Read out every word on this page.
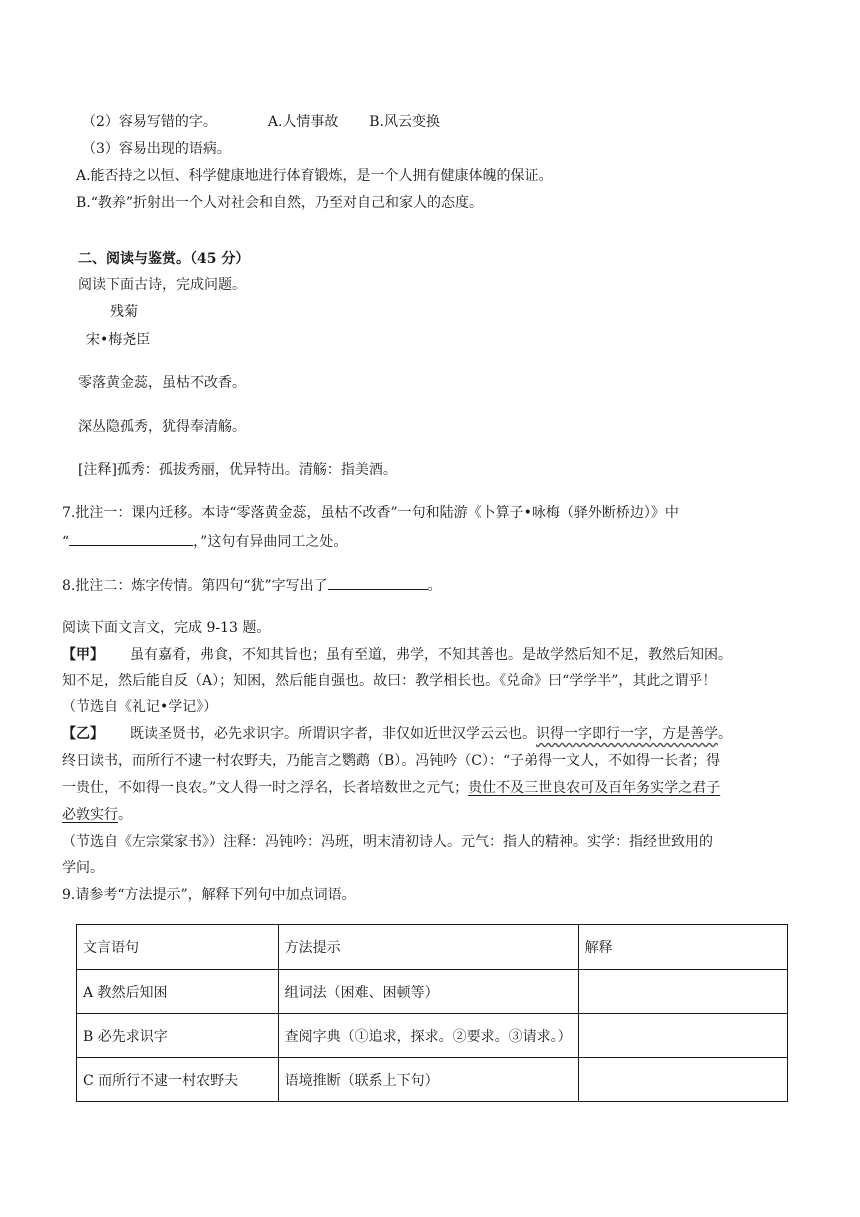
（2）容易写错的字。	A.人情事故 B.风云变换
（3）容易出现的语病。
A.能否持之以恒、科学健康地进行体育锻炼，是一个人拥有健康体魄的保证。
B.“教养”折射出一个人对社会和自然，乃至对自己和家人的态度。
二、阅读与鉴赏。（45 分）
阅读下面古诗，完成问题。
残菊
宋•梅尧臣
零落黄金蕊，虽枯不改香。
深丛隐孤秀，犹得奉清觞。
[注释]孤秀：孤拔秀丽，优异特出。清觞：指美酒。
7.批注一：课内迁移。本诗“零落黄金蕊，虽枯不改香”一句和陆游《卜算子•咏梅（驿外断桥边）》中
“	，”这句有异曲同工之处。
8.批注二：炼字传情。第四句“犹”字写出了	。
阅读下面文言文，完成 9-13 题。
【甲】 虽有嘉肴，弗食，不知其旨也；虽有至道，弗学，不知其善也。是故学然后知不足，教然后知困。
知不足，然后能自反（A）；知困，然后能自强也。故曰：教学相长也。《兑命》曰“学学半”，其此之谓乎！
（节选自《礼记•学记》）
【乙】 既读圣贤书，必先求识字。所谓识字者，非仅如近世汉学云云也。识得一字即行一字，方是善学。
终日读书，而所行不逮一村农野夫，乃能言之鹦鹉（B）。冯钝吟（C）：“子弟得一文人，不如得一长者；得
一贵仕，不如得一良农。”文人得一时之浮名，长者培数世之元气；贵仕不及三世良农可及百年务实学之君子
必敦实行。
（节选自《左宗棠家书》）注释：冯钝吟：冯班，明末清初诗人。元气：指人的精神。实学：指经世致用的
学问。
9.请参考“方法提示”，解释下列句中加点词语。
文言语句	方法提示	解释
A 教然后知困	组词法（困难、困顿等）	
B 必先求识字	查阅字典（①追求，探求。②要求。③请求。）	
C 而所行不逮一村农野夫	语境推断（联系上下句）	
